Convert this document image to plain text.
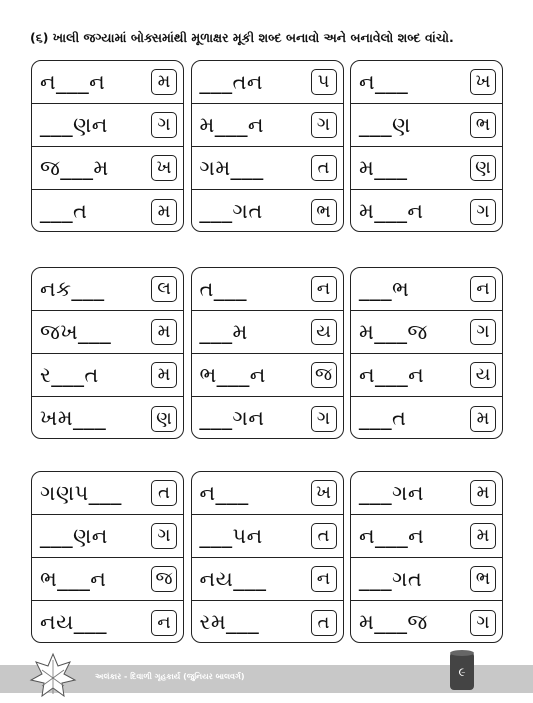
(૬) ખાલી જગ્યામાં બોક્સમાંથી મૂળાક્ષર મૂકી શબ્દ બનાવો અને બનાવેલો શબ્દ વાંચો.
ન___ન	મ
___ણન	ગ
જ___મ	ખ
___ત	મ
___તન	પ
મ___ન	ગ
ગમ___	ત
___ગત	ભ
ન___	ખ
___ણ	ભ
મ___	ણ
મ___ન	ગ
નક___	લ
જખ___	મ
ર___ત	મ
ખમ___	ણ
ત___	ન
___મ	ય
ભ___ન	જ
___ગન	ગ
___ભ	ન
મ___જ	ગ
ન___ન	ય
___ત	મ
ગણપ___	ત
___ણન	ગ
ભ___ન	જ
નય___	ન
ન___	ખ
___પન	ત
નય___	ન
રમ___	ત
___ગન	મ
ન___ન	મ
___ગત	ભ
મ___જ	ગ
અલંકાર - દિવાળી ગૃહકાર્ય (જુનિયર બાલવર્ગ)	૯
